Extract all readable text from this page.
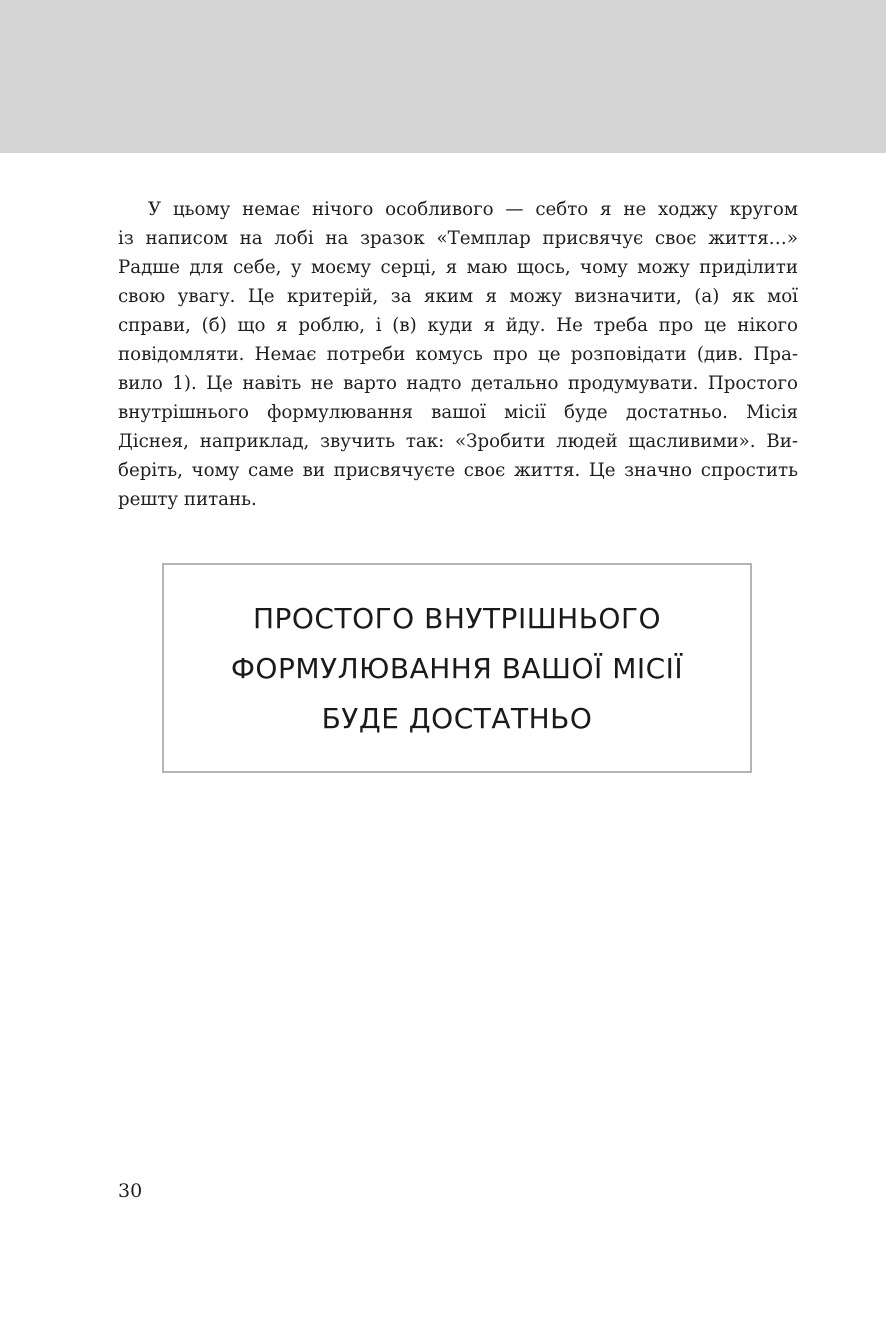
У цьому немає нічого особливого — себто я не ходжу кругом
із написом на лобі на зразок «Темплар присвячує своє життя…»
Радше для себе, у моєму серці, я маю щось, чому можу приділити
свою увагу. Це критерій, за яким я можу визначити, (а) як мої
справи, (б) що я роблю, і (в) куди я йду. Не треба про це нікого
повідомляти. Немає потреби комусь про це розповідати (див. Пра-
вило 1). Це навіть не варто надто детально продумувати. Простого
внутрішнього формулювання вашої місії буде достатньо. Місія
Діснея, наприклад, звучить так: «Зробити людей щасливими». Ви-
беріть, чому саме ви присвячуєте своє життя. Це значно спростить
решту питань.
ПРОСТОГО ВНУТРІШНЬОГО
ФОРМУЛЮВАННЯ ВАШОЇ МІСІЇ
БУДЕ ДОСТАТНЬО
30
